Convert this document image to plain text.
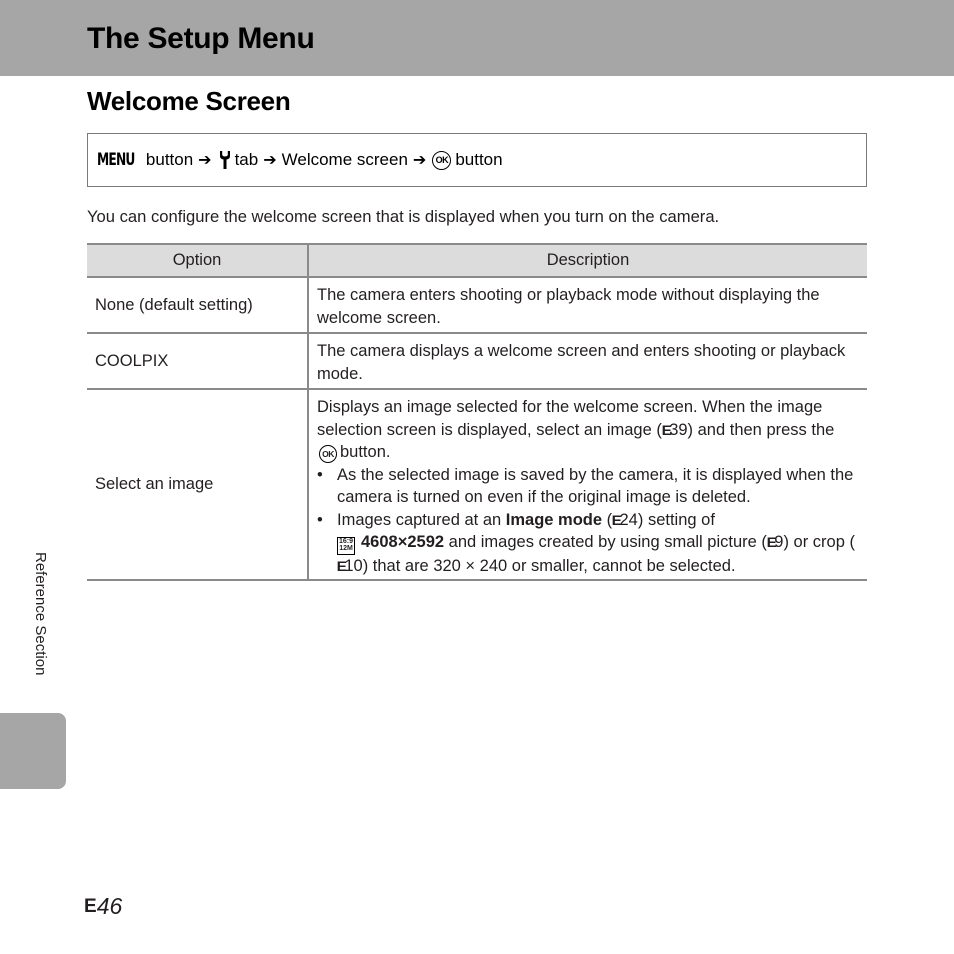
The Setup Menu
Welcome Screen
MENU button ➔ tab ➔ Welcome screen ➔	OK button

You can configure the welcome screen that is displayed when you turn on the camera.

Option	Description
None (default setting)
The camera enters shooting or playback mode without displaying the welcome screen.
COOLPIX
The camera displays a welcome screen and enters shooting or playback mode.
Select an image
Displays an image selected for the welcome screen. When the image selection screen is displayed, select an image (E39) and then press the OK button.
• As the selected image is saved by the camera, it is displayed when the camera is turned on even if the original image is deleted.
• Images captured at an Image mode (E24) setting of
16:9
12M 4608×2592 and images created by using small picture (E9) or crop (E10) that are 320 × 240 or smaller, cannot be selected.
Reference Section
E 46
